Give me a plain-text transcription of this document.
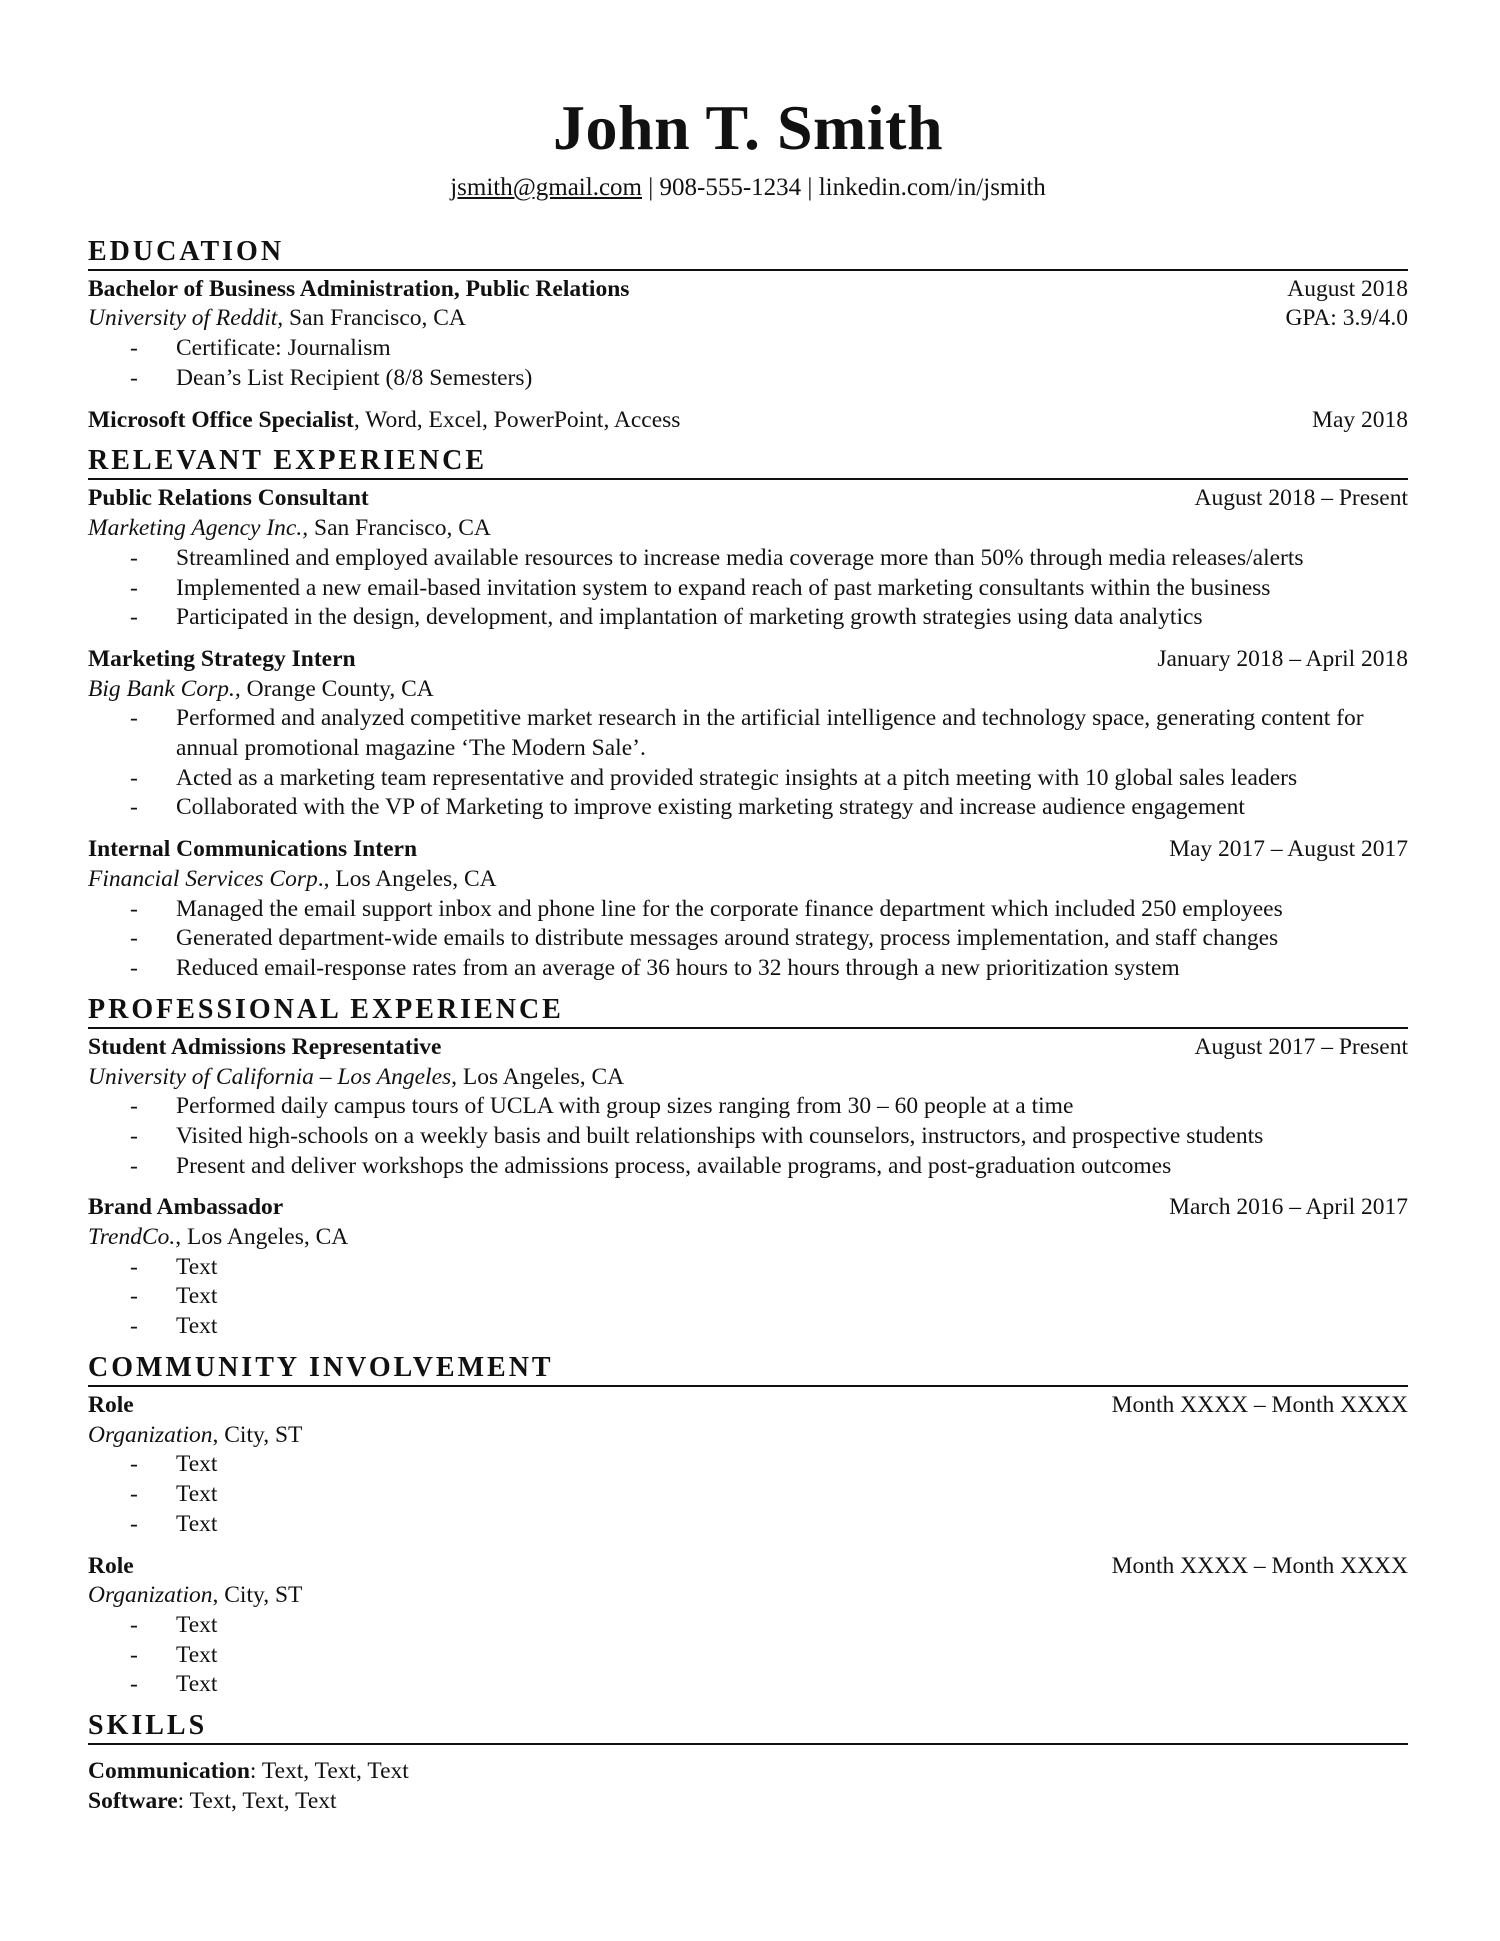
John T. Smith
jsmith@gmail.com | 908-555-1234 | linkedin.com/in/jsmith
EDUCATION
Bachelor of Business Administration, Public Relations	August 2018
University of Reddit, San Francisco, CA	GPA: 3.9/4.0
- Certificate: Journalism
- Dean’s List Recipient (8/8 Semesters)
Microsoft Office Specialist, Word, Excel, PowerPoint, Access	May 2018
RELEVANT EXPERIENCE
Public Relations Consultant	August 2018 – Present
Marketing Agency Inc., San Francisco, CA
- Streamlined and employed available resources to increase media coverage more than 50% through media releases/alerts
- Implemented a new email-based invitation system to expand reach of past marketing consultants within the business
- Participated in the design, development, and implantation of marketing growth strategies using data analytics
Marketing Strategy Intern	January 2018 – April 2018
Big Bank Corp., Orange County, CA
- Performed and analyzed competitive market research in the artificial intelligence and technology space, generating content for annual promotional magazine ‘The Modern Sale’.
- Acted as a marketing team representative and provided strategic insights at a pitch meeting with 10 global sales leaders
- Collaborated with the VP of Marketing to improve existing marketing strategy and increase audience engagement
Internal Communications Intern	May 2017 – August 2017
Financial Services Corp., Los Angeles, CA
- Managed the email support inbox and phone line for the corporate finance department which included 250 employees
- Generated department-wide emails to distribute messages around strategy, process implementation, and staff changes
- Reduced email-response rates from an average of 36 hours to 32 hours through a new prioritization system
PROFESSIONAL EXPERIENCE
Student Admissions Representative	August 2017 – Present
University of California – Los Angeles, Los Angeles, CA
- Performed daily campus tours of UCLA with group sizes ranging from 30 – 60 people at a time
- Visited high-schools on a weekly basis and built relationships with counselors, instructors, and prospective students
- Present and deliver workshops the admissions process, available programs, and post-graduation outcomes
Brand Ambassador	March 2016 – April 2017
TrendCo., Los Angeles, CA
- Text
- Text
- Text
COMMUNITY INVOLVEMENT
Role	Month XXXX – Month XXXX
Organization, City, ST
- Text
- Text
- Text
Role	Month XXXX – Month XXXX
Organization, City, ST
- Text
- Text
- Text
SKILLS
Communication: Text, Text, Text
Software: Text, Text, Text
